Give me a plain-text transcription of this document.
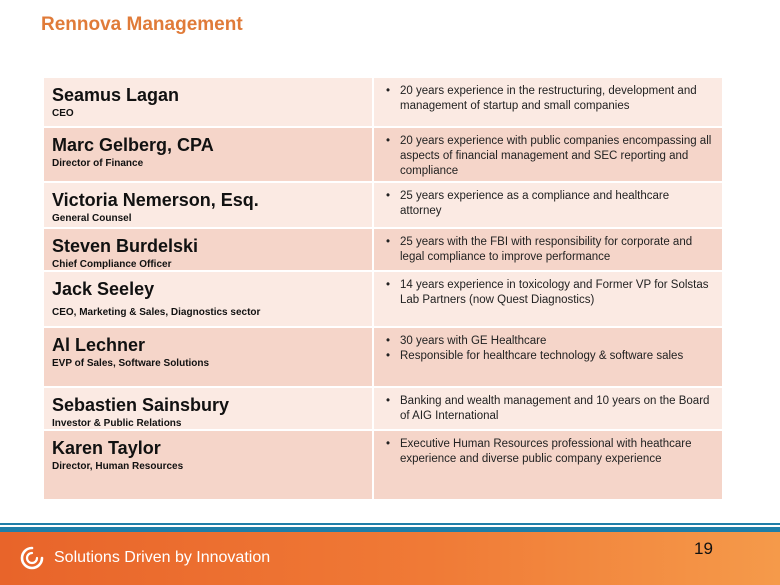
Rennova Management
Seamus Lagan
CEO
• 20 years experience in the restructuring, development and management of startup and small companies
Marc Gelberg, CPA
Director of Finance
• 20 years experience with public companies encompassing all aspects of financial management and SEC reporting and compliance
Victoria Nemerson, Esq.
General Counsel
• 25 years experience as a compliance and healthcare attorney
Steven Burdelski
Chief Compliance Officer
• 25 years with the FBI with responsibility for corporate and legal compliance to improve performance
Jack Seeley
CEO, Marketing & Sales, Diagnostics sector
• 14 years experience in toxicology and Former VP for Solstas Lab Partners (now Quest Diagnostics)
Al Lechner
EVP of Sales, Software Solutions
• 30 years with GE Healthcare
• Responsible for healthcare technology & software sales
Sebastien Sainsbury
Investor & Public Relations
• Banking and wealth management and 10 years on the Board of AIG International
Karen Taylor
Director, Human Resources
• Executive Human Resources professional with heathcare experience and diverse public company experience
Solutions Driven by Innovation	19
